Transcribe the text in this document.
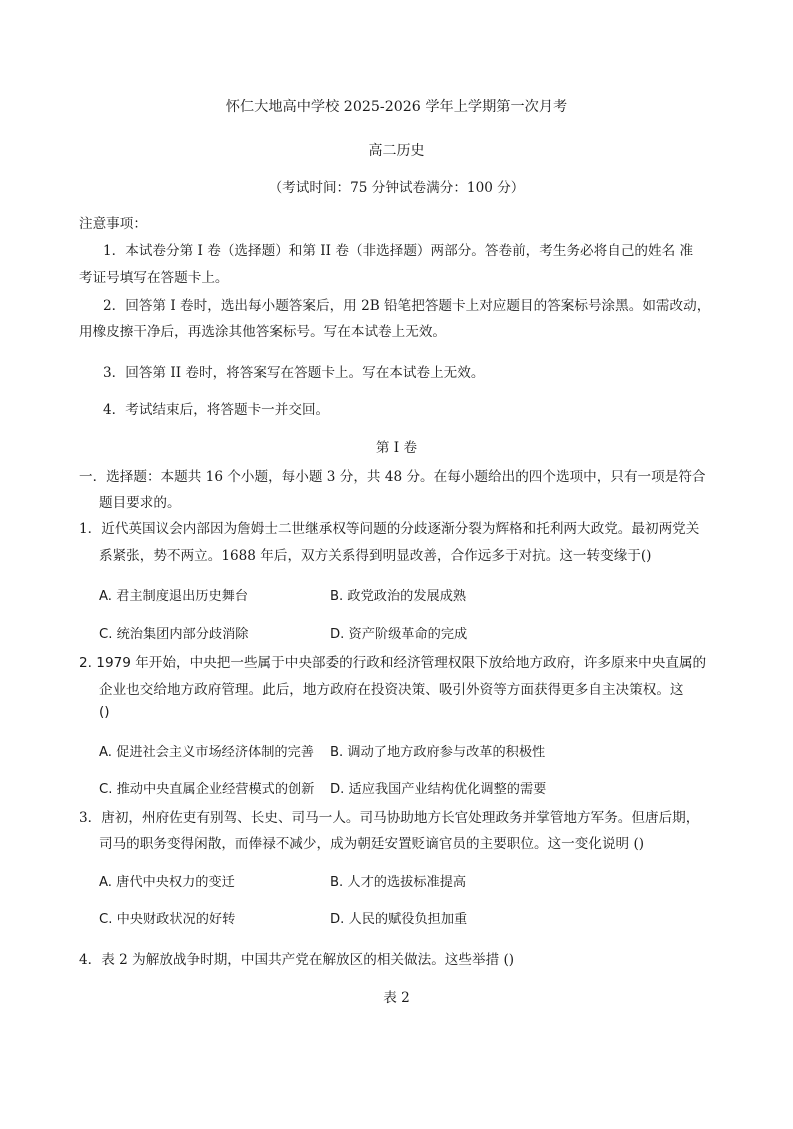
怀仁大地高中学校 2025-2026 学年上学期第一次月考
高二历史
（考试时间：75 分钟试卷满分：100 分）
注意事项：
1．本试卷分第 I 卷（选择题）和第 II 卷（非选择题）两部分。答卷前，考生务必将自己的姓名 准
考证号填写在答题卡上。
2．回答第 I 卷时，选出每小题答案后，用 2B 铅笔把答题卡上对应题目的答案标号涂黑。如需改动，
用橡皮擦干净后，再选涂其他答案标号。写在本试卷上无效。
3．回答第 II 卷时，将答案写在答题卡上。写在本试卷上无效。
4．考试结束后，将答题卡一并交回。
第 I 卷
一．选择题：本题共 16 个小题，每小题 3 分，共 48 分。在每小题给出的四个选项中，只有一项是符合
题目要求的。
1．近代英国议会内部因为詹姆士二世继承权等问题的分歧逐渐分裂为辉格和托利两大政党。最初两党关
系紧张，势不两立。1688 年后，双方关系得到明显改善，合作远多于对抗。这一转变缘于()
A. 君主制度退出历史舞台	B. 政党政治的发展成熟
C. 统治集团内部分歧消除	D. 资产阶级革命的完成
2. 1979 年开始，中央把一些属于中央部委的行政和经济管理权限下放给地方政府，许多原来中央直属的
企业也交给地方政府管理。此后，地方政府在投资决策、吸引外资等方面获得更多自主决策权。这
()
A. 促进社会主义市场经济体制的完善 B. 调动了地方政府参与改革的积极性
C. 推动中央直属企业经营模式的创新 D. 适应我国产业结构优化调整的需要
3．唐初，州府佐吏有别驾、长史、司马一人。司马协助地方长官处理政务并掌管地方军务。但唐后期，
司马的职务变得闲散，而俸禄不减少，成为朝廷安置贬谪官员的主要职位。这一变化说明 ()
A. 唐代中央权力的变迁	B. 人才的选拔标准提高
C. 中央财政状况的好转	D. 人民的赋役负担加重
4．表 2 为解放战争时期，中国共产党在解放区的相关做法。这些举措 ()
表 2
